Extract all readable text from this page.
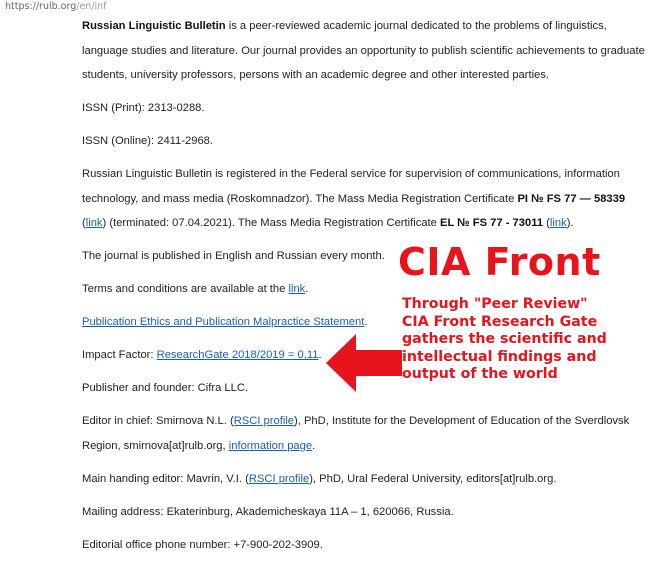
https://rulb.org/en/inf

Russian Linguistic Bulletin is a peer-reviewed academic journal dedicated to the problems of linguistics, language studies and literature. Our journal provides an opportunity to publish scientific achievements to graduate students, university professors, persons with an academic degree and other interested parties.

ISSN (Print): 2313-0288.

ISSN (Online): 2411-2968.

Russian Linguistic Bulletin is registered in the Federal service for supervision of communications, information technology, and mass media (Roskomnadzor). The Mass Media Registration Certificate PI № FS 77 — 58339 (link) (terminated: 07.04.2021). The Mass Media Registration Certificate EL № FS 77 - 73011 (link).

The journal is published in English and Russian every month.

Terms and conditions are available at the link.

Publication Ethics and Publication Malpractice Statement.

Impact Factor: ResearchGate 2018/2019 = 0,11.

Publisher and founder: Cifra LLC.

Editor in chief: Smirnova N.L. (RSCI profile), PhD, Institute for the Development of Education of the Sverdlovsk Region, smirnova[at]rulb.org, information page.

Main handing editor: Mavrin, V.I. (RSCI profile), PhD, Ural Federal University, editors[at]rulb.org.

Mailing address: Ekaterinburg, Akademicheskaya 11A – 1, 620066, Russia.

Editorial office phone number: +7-900-202-3909.

CIA Front
Through "Peer Review"
CIA Front Research Gate
gathers the scientific and
intellectual findings and
output of the world
